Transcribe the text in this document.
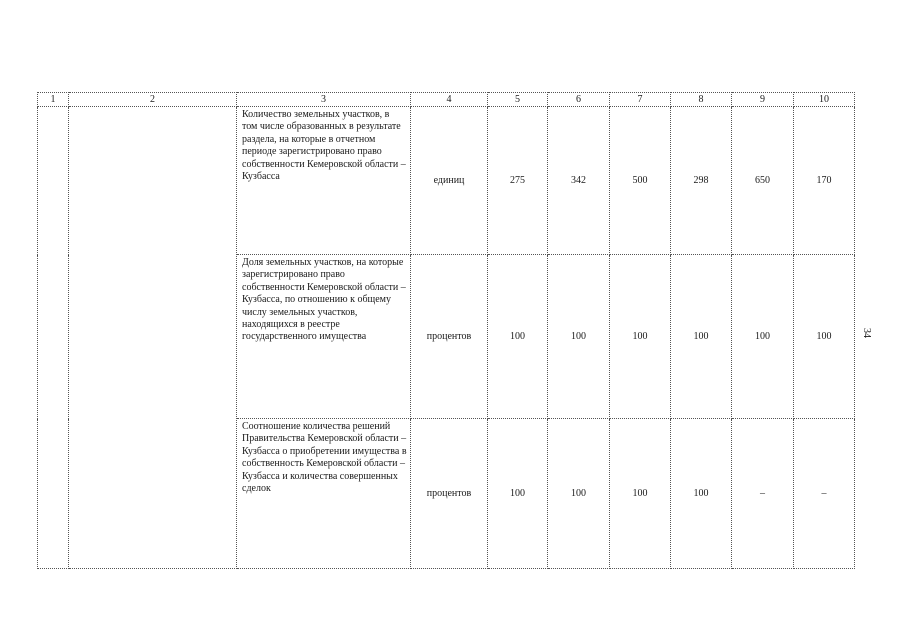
1	2	3	4	5	6	7	8	9	10
		Количество земельных участков, в том числе образованных в результате раздела, на которые в отчетном периоде зарегистрировано право собственности Кемеровской области – Кузбасса	единиц	275	342	500	298	650	170
		Доля земельных участков, на которые зарегистрировано право собственности Кемеровской области – Кузбасса, по отношению к общему числу земельных участков, находящихся в реестре государственного имущества	процентов	100	100	100	100	100	100
		Соотношение количества решений Правительства Кемеровской области – Кузбасса о приобретении имущества в собственность Кемеровской области – Кузбасса и количества совершенных сделок	процентов	100	100	100	100	–	–
34
